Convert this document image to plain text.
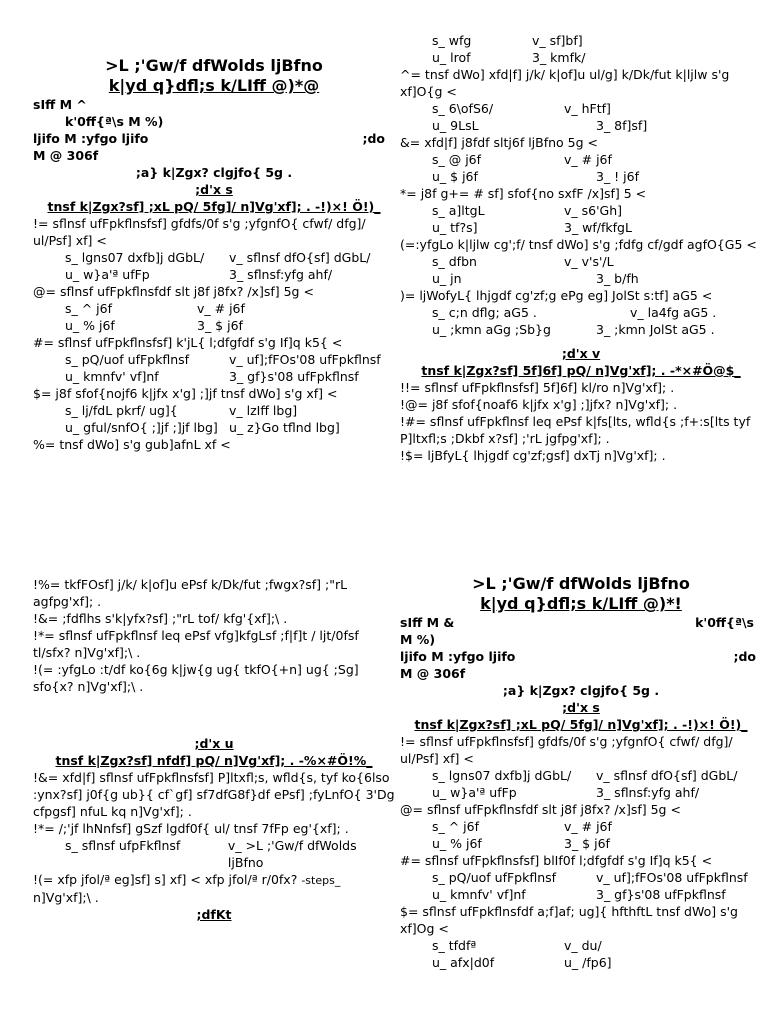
>L ;'Gw/f dfWolds ljBfno
k|yd q}dfl;s k/LIff @)*@
sIff M ^
k'0ff{ª\s M %)
ljifo M :yfgo ljifo	;do
M @ 306f
;a} k|Zgx? clgjfo{ 5g .
;d'x s
tnsf k|Zgx?sf] ;xL pQ/ 5fg]/ n]Vg'xf]; . -!)×! Ö!)_
!= sflnsf ufFpkflnsfsf] gfdfs/0f s'g ;yfgnfO{ cfwf/ dfg]/ ul/Psf] xf] <
s_ lgns07 dxfb]j dGbL/	v_ sflnsf dfO{sf] dGbL/
u_ w}a'ª ufFp	3_ sflnsf:yfg ahf/
@= sflnsf ufFpkflnsfdf slt j8f j8fx? /x]sf] 5g <
s_ ^ j6f	v_ # j6f
u_ % j6f	3_ $ j6f
#= sflnsf ufFpkflnsfsf] k'jL{ l;dfgfdf s'g If]q k5{ <
s_ pQ/uof ufFpkflnsf	v_ uf];fFOs'08 ufFpkflnsf
u_ kmnfv' vf]nf	3_ gf}s'08 ufFpkflnsf
$= j8f sfof{nojf6 k|jfx x'g] ;]jf tnsf dWo] s'g xf] <
s_ lj/fdL pkrf/ ug]{	v_ lzIff lbg]
u_ gful/snfO{ ;]jf ;]jf lbg] u_ z}Go tflnd lbg]
%= tnsf dWo] s'g gub]afnL xf <
s_ wfg	v_ sf]bf]
u_ lrof	3_ kmfk/
^= tnsf dWo] xfd|f] j/k/ k|of]u ul/g] k/Dk/fut k|ljlw s'g xf]O{g <
s_ 6\ofS6/	v_ hFtf]
u_ 9LsL	3_ 8f]sf]
&= xfd|f] j8fdf sltj6f ljBfno 5g <
s_ @ j6f	v_ # j6f
u_ $ j6f	3_ ! j6f
*= j8f g+= # sf] sfof{no sxfF /x]sf] 5 <
s_ a]ltgL	v_ s6'Gh]
u_ tf?s]	3_ wf/fkfgL
(=:yfgLo k|ljlw cg';f/ tnsf dWo] s'g ;fdfg cf/gdf agfO{G5 <
s_ dfbn	v_ v's'/L
u_ jn	3_ b/fh
)= ljWofyL{ lhjgdf cg'zf;g ePg eg] JolSt s:tf] aG5 <
s_ c;n dflg; aG5 .	v_ la4fg aG5 .
u_ ;kmn aGg ;Sb}g	3_ ;kmn JolSt aG5 .
;d'x v
tnsf k|Zgx?sf] 5f]6f] pQ/ n]Vg'xf]; . -*×#Ö@$_
!!= sflnsf ufFpkflnsfsf] 5f]6f] kl/ro n]Vg'xf]; .
!@= j8f sfof{noaf6 k|jfx x'g] ;]jfx? n]Vg'xf]; .
!#= sflnsf ufFpkflnsf leq ePsf k|fs[lts, wfld{s ;f+:s[lts tyf P]ltxfl;s ;Dkbf x?sf] ;'rL jgfpg'xf]; .
!$= ljBfyL{ lhjgdf cg'zf;gsf] dxTj n]Vg'xf]; .
!%= tkfFOsf] j/k/ k|of]u ePsf k/Dk/fut ;fwgx?sf] ;"rL agfpg'xf]; .
!&= ;fdflhs s'k|yfx?sf] ;"rL tof/ kfg'{xf];\ .
!*= sflnsf ufFpkflnsf leq ePsf vfg]kfgLsf ;f|f]t / ljt/0fsf tl/sfx? n]Vg'xf];\ .
!(= :yfgLo :t/df ko{6g k|jw{g ug{ tkfO{+n] ug{ ;Sg] sfo{x? n]Vg'xf];\ .
;d'x u
tnsf k|Zgx?sf] nfdf] pQ/ n]Vg'xf]; . -%×#Ö!%_
!&= xfd|f] sflnsf ufFpkflnsfsf] P]ltxfl;s, wfld{s, tyf ko{6lso :ynx?sf] j0f{g ub}{ cf`gf] sf7dfG8f}df ePsf] ;fyLnfO{ 3'Dg cfpgsf] nfuL kq n]Vg'xf]; .
!*= /;'jf lhNnfsf] gSzf lgdf0f{ ul/ tnsf 7fFp eg'{xf]; .
s_ sflnsf ufpFkflnsf	v_ >L ;'Gw/f dfWolds ljBfno
!(= xfp jfol/ª eg]sf] s] xf] < xfp jfol/ª r/0fx? -steps_ n]Vg'xf];\ .
;dfKt
>L ;'Gw/f dfWolds ljBfno
k|yd q}dfl;s k/LIff @)*!
sIff M &	k'0ff{ª\s
M %)
ljifo M :yfgo ljifo	;do
M @ 306f
;a} k|Zgx? clgjfo{ 5g .
;d'x s
tnsf k|Zgx?sf] ;xL pQ/ 5fg]/ n]Vg'xf]; . -!)×! Ö!)_
!= sflnsf ufFpkflnsfsf] gfdfs/0f s'g ;yfgnfO{ cfwf/ dfg]/ ul/Psf] xf] <
s_ lgns07 dxfb]j dGbL/	v_ sflnsf dfO{sf] dGbL/
u_ w}a'ª ufFp	3_ sflnsf:yfg ahf/
@= sflnsf ufFpkflnsfdf slt j8f j8fx? /x]sf] 5g <
s_ ^ j6f	v_ # j6f
u_ % j6f	3_ $ j6f
#= sflnsf ufFpkflnsfsf] blIf0f l;dfgfdf s'g If]q k5{ <
s_ pQ/uof ufFpkflnsf	v_ uf];fFOs'08 ufFpkflnsf
u_ kmnfv' vf]nf	3_ gf}s'08 ufFpkflnsf
$= sflnsf ufFpkflnsfdf a;f]af; ug]{ hfthftL tnsf dWo] s'g xf]Og <
s_ tfdfª	v_ du/
u_ afx|d0f	u_ /fp6]
